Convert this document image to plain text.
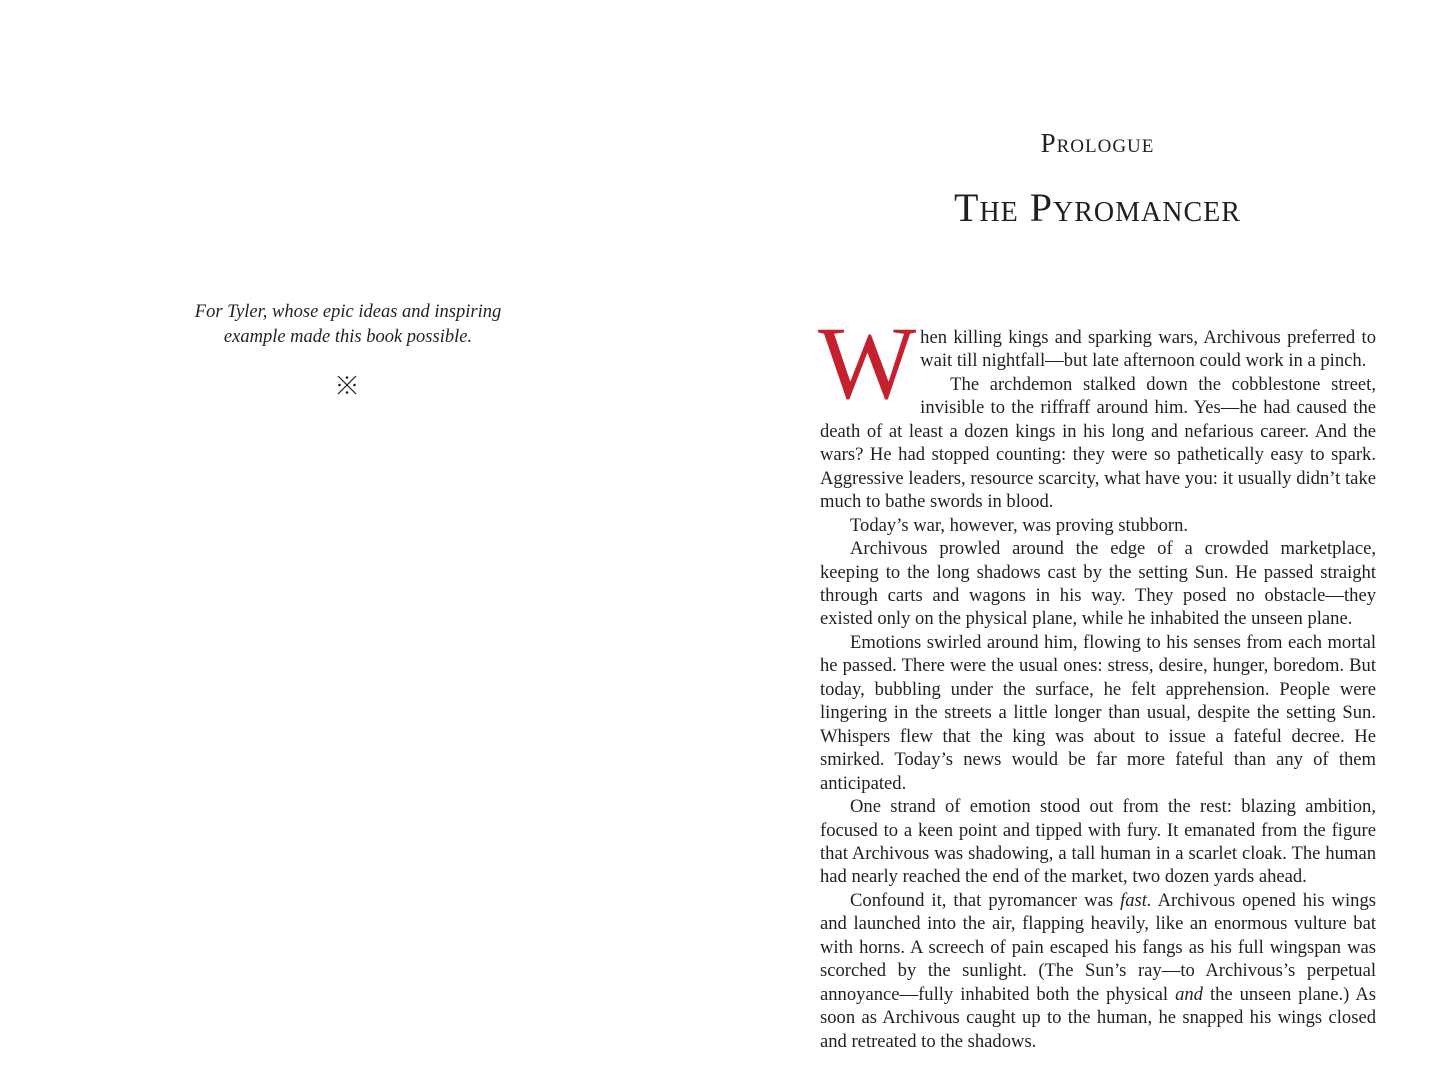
For Tyler, whose epic ideas and inspiring
example made this book possible.
Prologue
The Pyromancer

When killing kings and sparking wars, Archivous preferred to wait till nightfall—but late afternoon could work in a pinch.

The archdemon stalked down the cobblestone street, invisible to the riffraff around him. Yes—he had caused the death of at least a dozen kings in his long and nefarious career. And the wars? He had stopped counting: they were so pathetically easy to spark. Aggressive leaders, resource scarcity, what have you: it usually didn’t take much to bathe swords in blood.

Today’s war, however, was proving stubborn.

Archivous prowled around the edge of a crowded marketplace, keeping to the long shadows cast by the setting Sun. He passed straight through carts and wagons in his way. They posed no obstacle—they existed only on the physical plane, while he inhabited the unseen plane.

Emotions swirled around him, flowing to his senses from each mortal he passed. There were the usual ones: stress, desire, hunger, boredom. But today, bubbling under the surface, he felt apprehension. People were lingering in the streets a little longer than usual, despite the setting Sun. Whispers flew that the king was about to issue a fateful decree. He smirked. Today’s news would be far more fateful than any of them anticipated.

One strand of emotion stood out from the rest: blazing ambition, focused to a keen point and tipped with fury. It emanated from the figure that Archivous was shadowing, a tall human in a scarlet cloak. The human had nearly reached the end of the market, two dozen yards ahead.

Confound it, that pyromancer was fast. Archivous opened his wings and launched into the air, flapping heavily, like an enormous vulture bat with horns. A screech of pain escaped his fangs as his full wingspan was scorched by the sunlight. (The Sun’s ray—to Archivous’s perpetual annoyance—fully inhabited both the physical and the unseen plane.) As soon as Archivous caught up to the human, he snapped his wings closed and retreated to the shadows.
